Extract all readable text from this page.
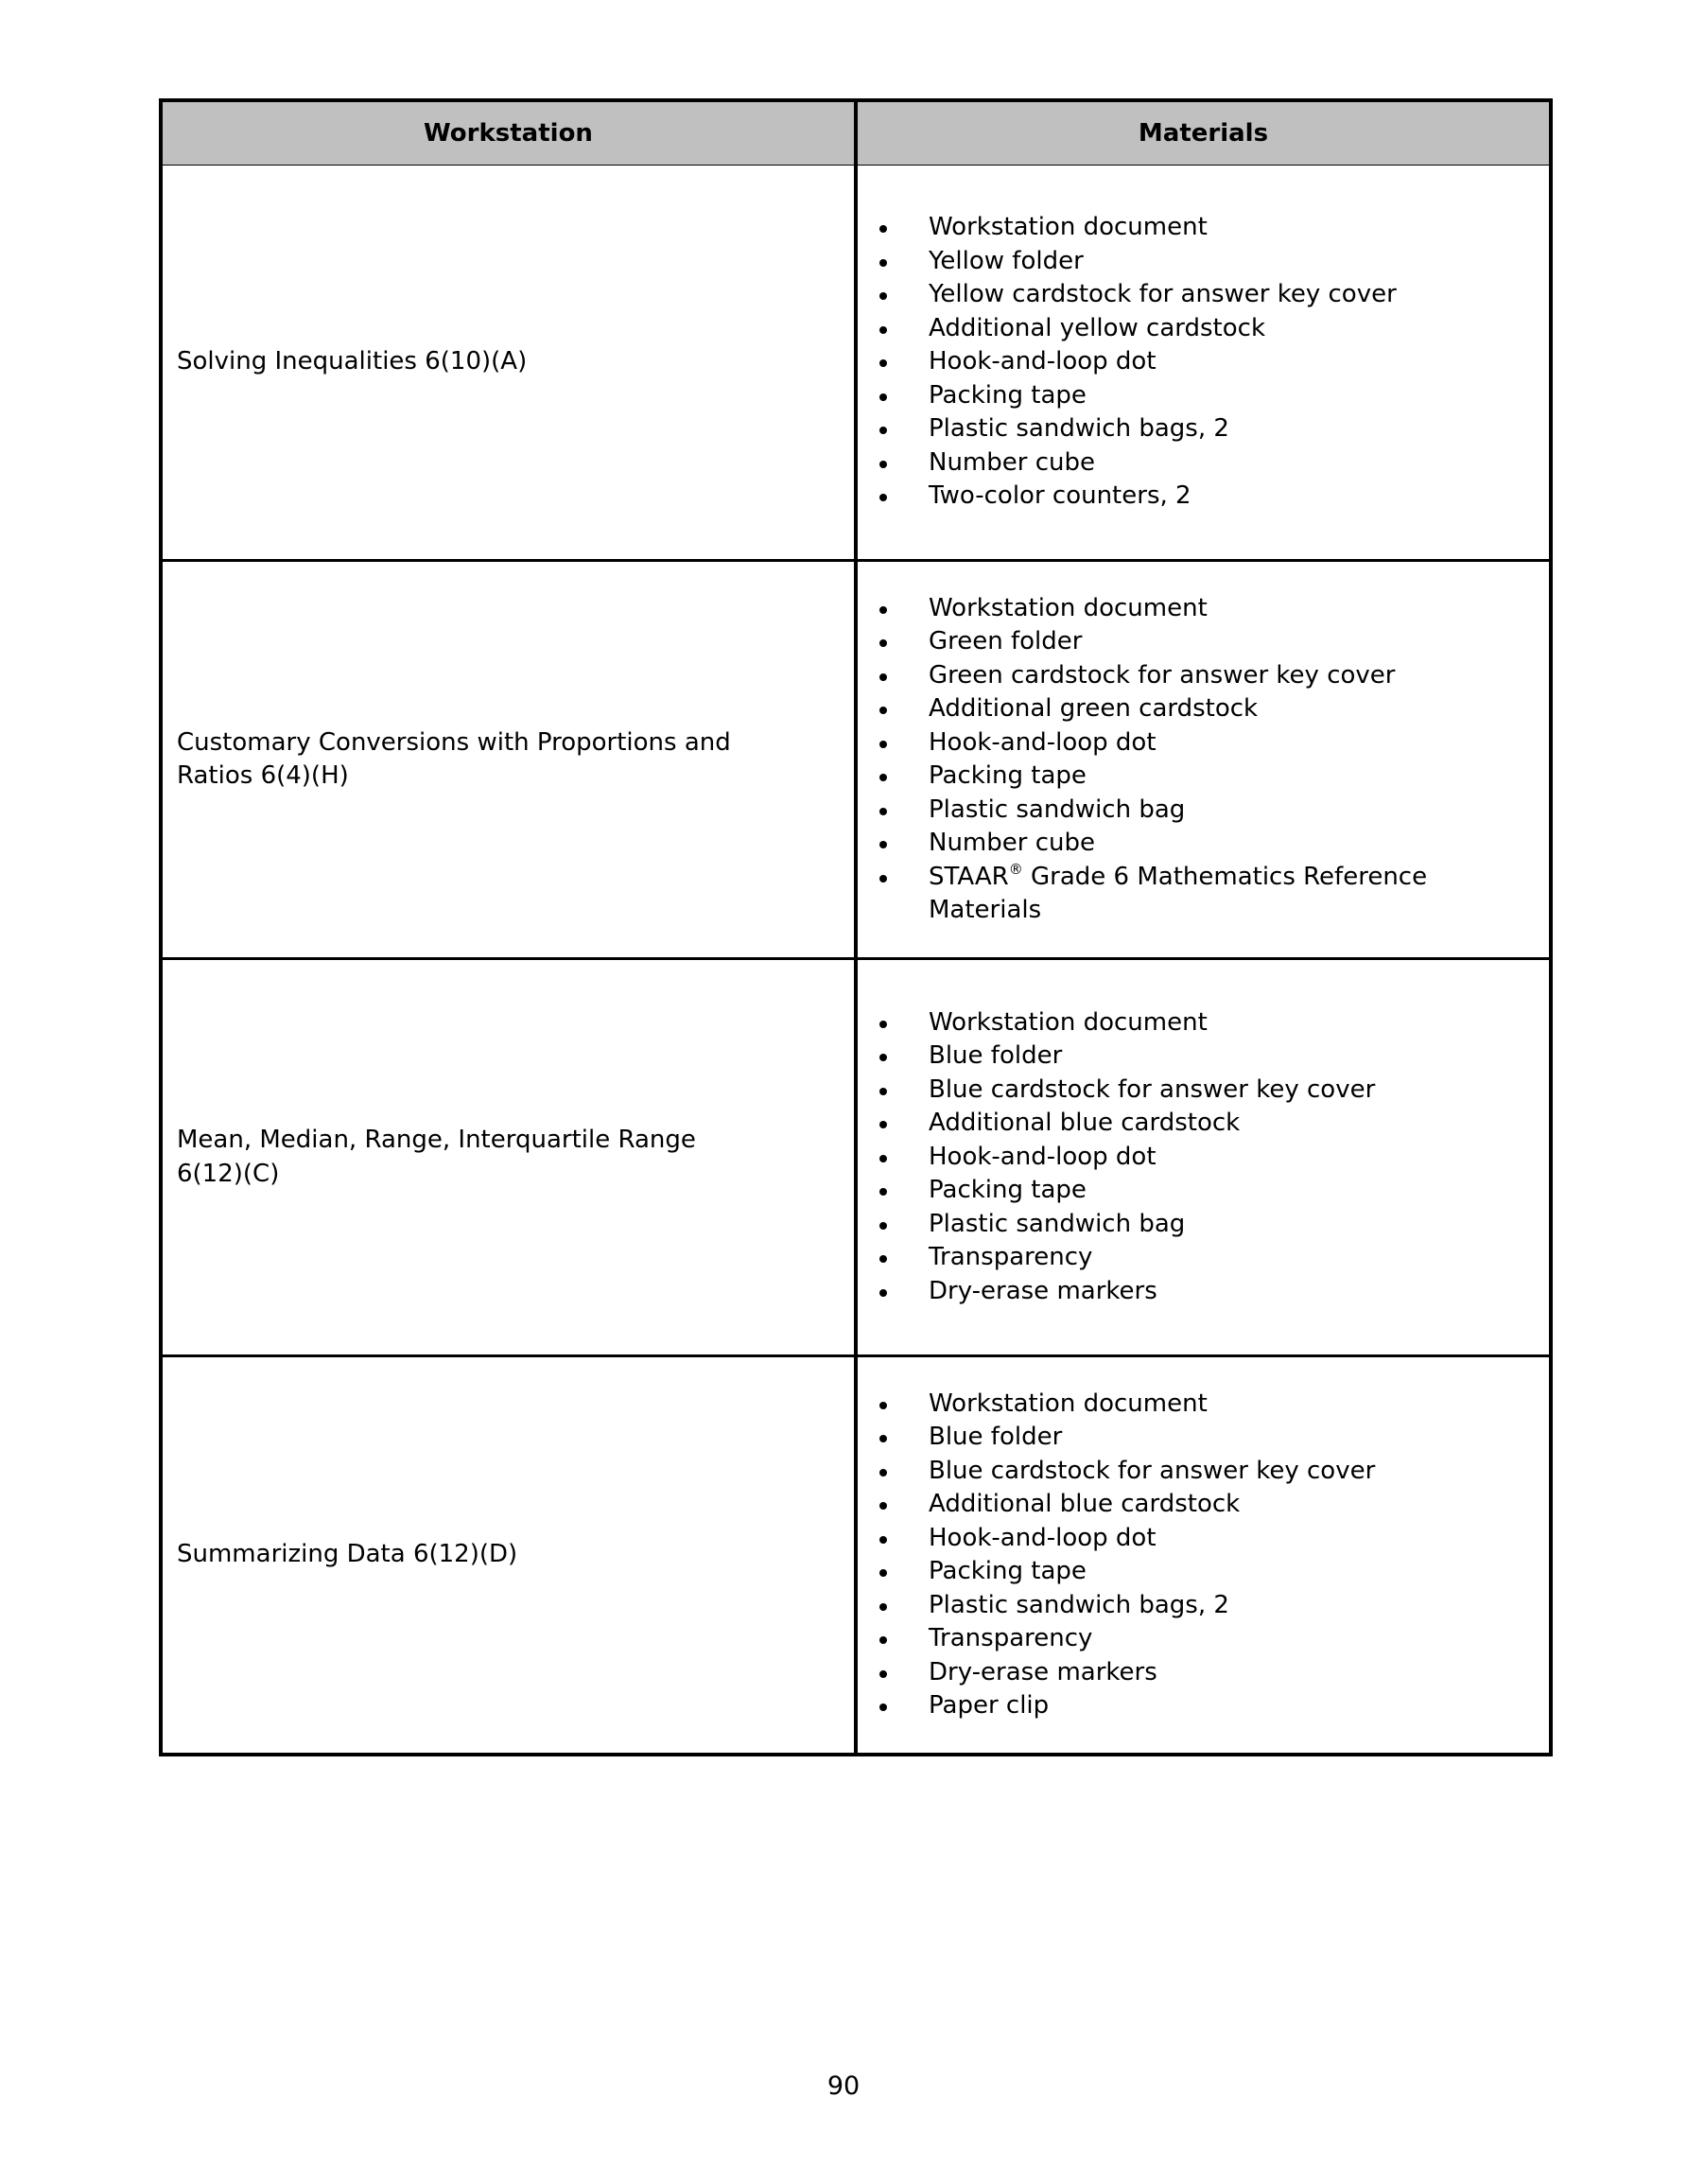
Workstation	Materials
Solving Inequalities 6(10)(A)
Workstation document
Yellow folder
Yellow cardstock for answer key cover
Additional yellow cardstock
Hook-and-loop dot
Packing tape
Plastic sandwich bags, 2
Number cube
Two-color counters, 2
Customary Conversions with Proportions and
Ratios 6(4)(H)
Workstation document
Green folder
Green cardstock for answer key cover
Additional green cardstock
Hook-and-loop dot
Packing tape
Plastic sandwich bag
Number cube
STAAR® Grade 6 Mathematics Reference
Materials
Mean, Median, Range, Interquartile Range
6(12)(C)
Workstation document
Blue folder
Blue cardstock for answer key cover
Additional blue cardstock
Hook-and-loop dot
Packing tape
Plastic sandwich bag
Transparency
Dry-erase markers
Summarizing Data 6(12)(D)
Workstation document
Blue folder
Blue cardstock for answer key cover
Additional blue cardstock
Hook-and-loop dot
Packing tape
Plastic sandwich bags, 2
Transparency
Dry-erase markers
Paper clip
90
